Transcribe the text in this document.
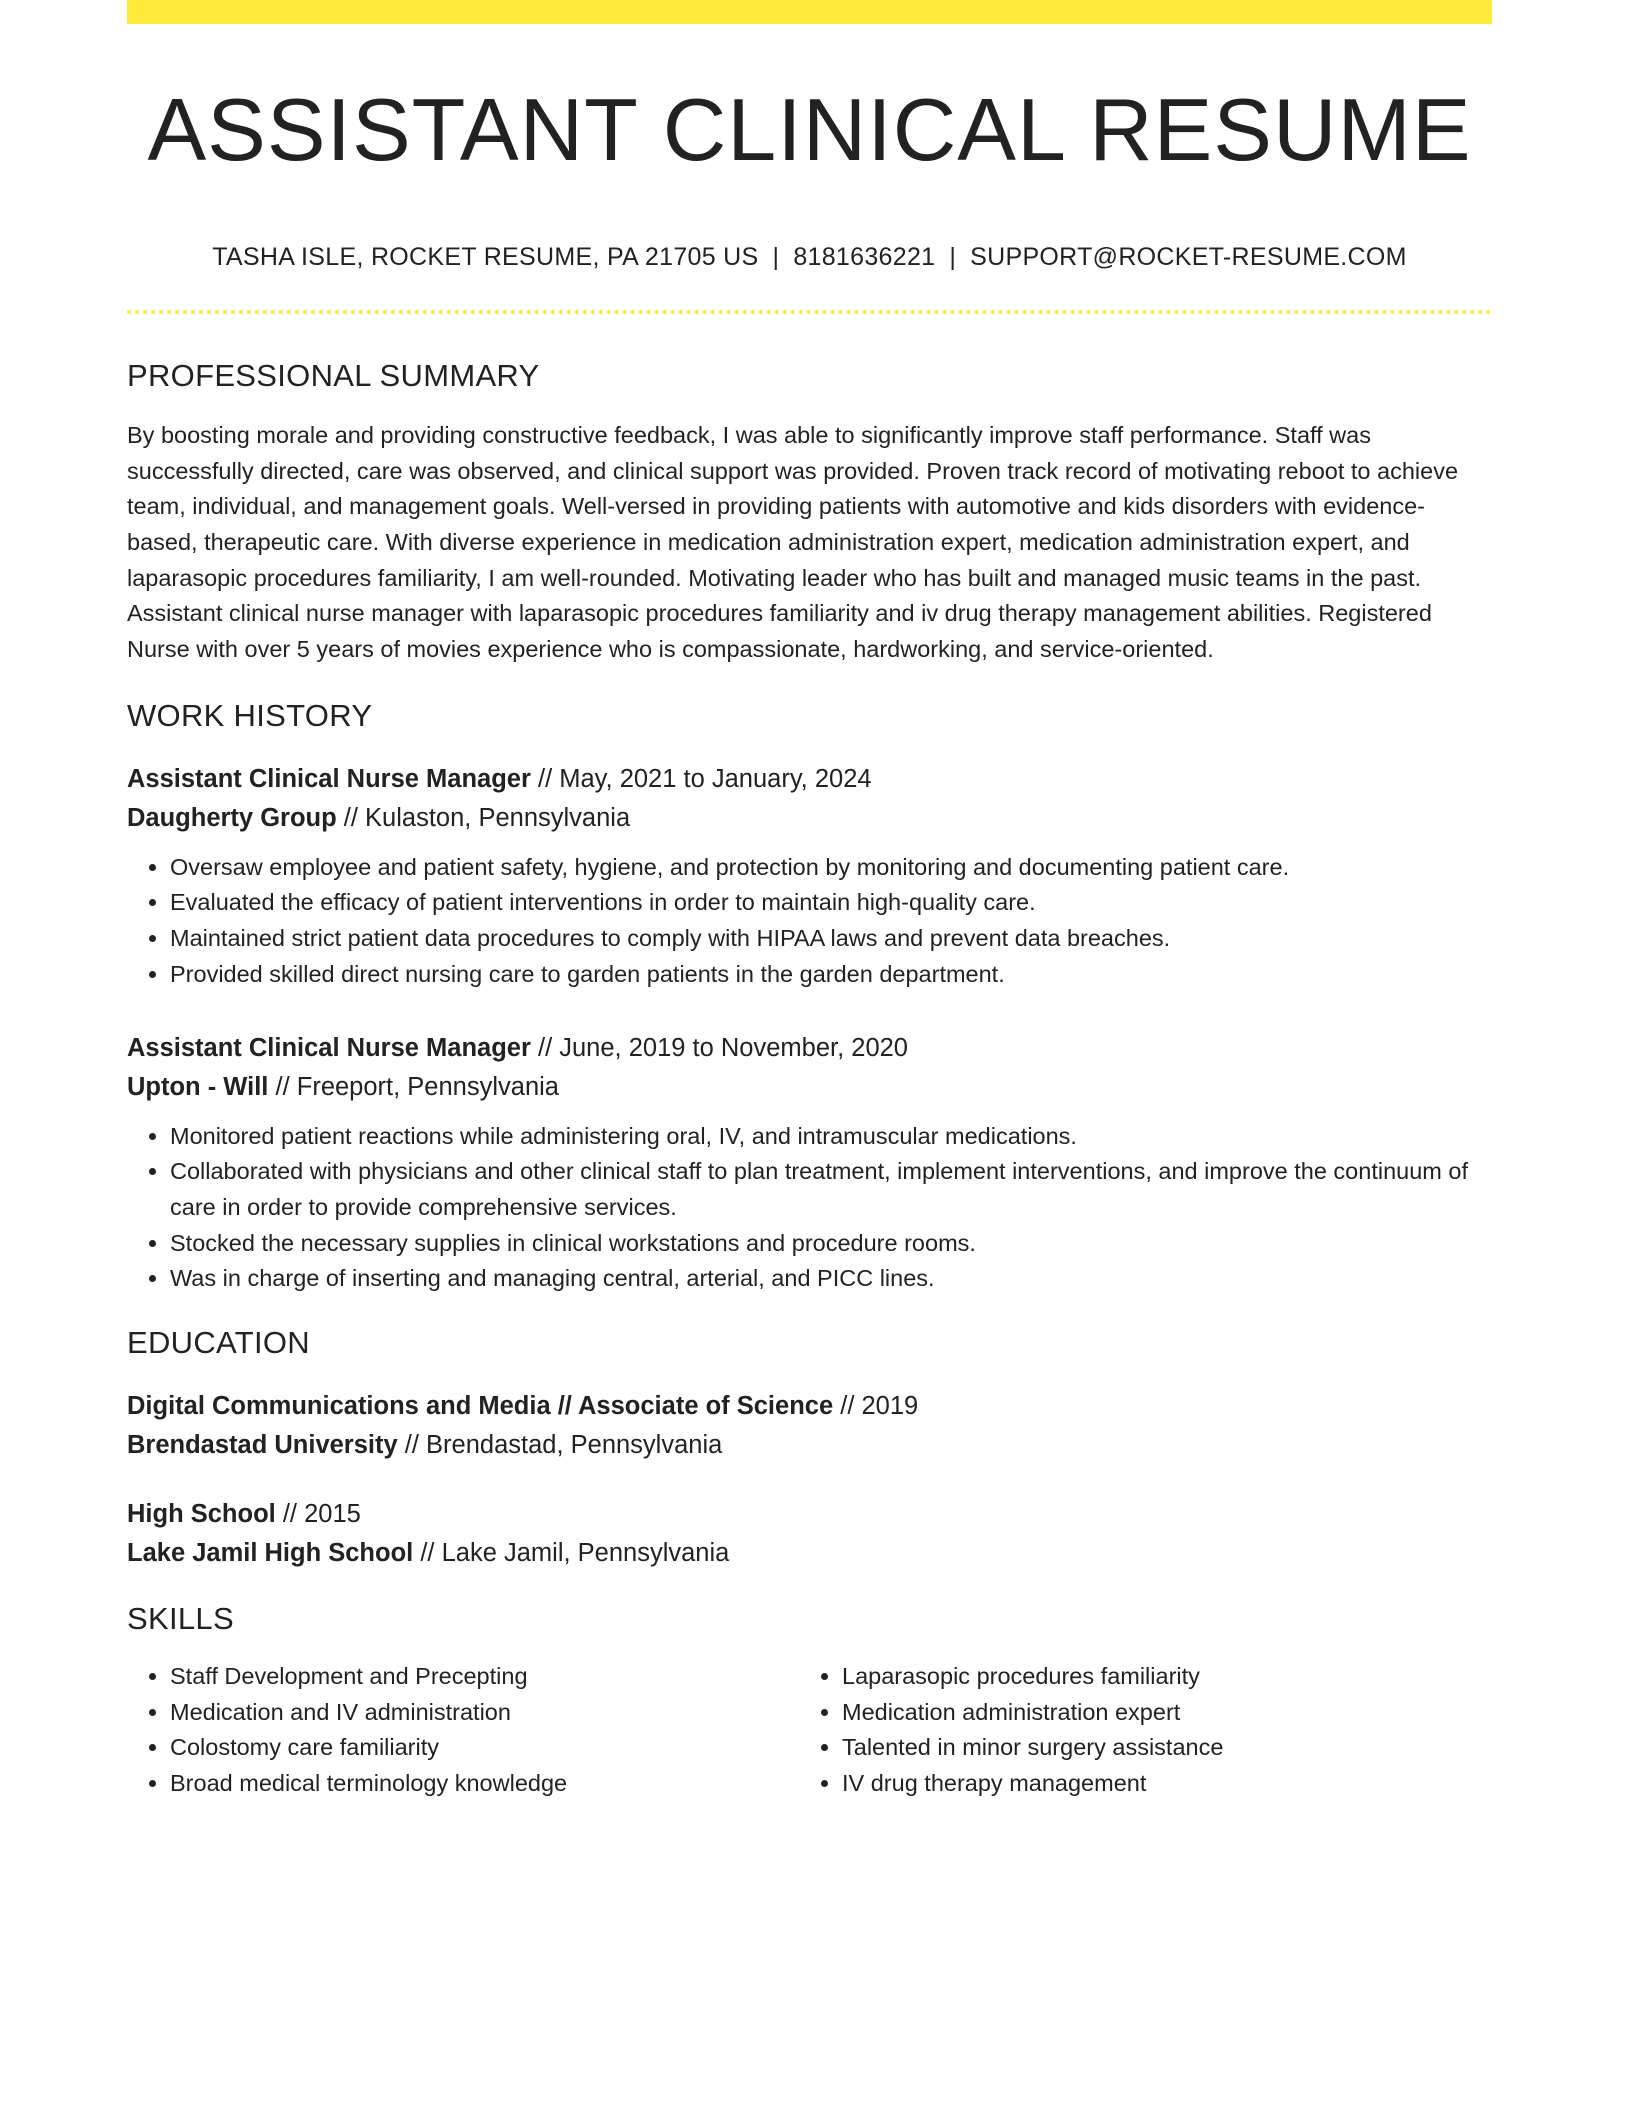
ASSISTANT CLINICAL RESUME
TASHA ISLE, ROCKET RESUME, PA 21705 US | 8181636221 | SUPPORT@ROCKET-RESUME.COM
PROFESSIONAL SUMMARY
By boosting morale and providing constructive feedback, I was able to significantly improve staff performance. Staff was successfully directed, care was observed, and clinical support was provided. Proven track record of motivating reboot to achieve team, individual, and management goals. Well-versed in providing patients with automotive and kids disorders with evidence-based, therapeutic care. With diverse experience in medication administration expert, medication administration expert, and laparasopic procedures familiarity, I am well-rounded. Motivating leader who has built and managed music teams in the past. Assistant clinical nurse manager with laparasopic procedures familiarity and iv drug therapy management abilities. Registered Nurse with over 5 years of movies experience who is compassionate, hardworking, and service-oriented.
WORK HISTORY
Assistant Clinical Nurse Manager // May, 2021 to January, 2024
Daugherty Group // Kulaston, Pennsylvania
• Oversaw employee and patient safety, hygiene, and protection by monitoring and documenting patient care.
• Evaluated the efficacy of patient interventions in order to maintain high-quality care.
• Maintained strict patient data procedures to comply with HIPAA laws and prevent data breaches.
• Provided skilled direct nursing care to garden patients in the garden department.
Assistant Clinical Nurse Manager // June, 2019 to November, 2020
Upton - Will // Freeport, Pennsylvania
• Monitored patient reactions while administering oral, IV, and intramuscular medications.
• Collaborated with physicians and other clinical staff to plan treatment, implement interventions, and improve the continuum of care in order to provide comprehensive services.
• Stocked the necessary supplies in clinical workstations and procedure rooms.
• Was in charge of inserting and managing central, arterial, and PICC lines.
EDUCATION
Digital Communications and Media // Associate of Science // 2019
Brendastad University // Brendastad, Pennsylvania
High School // 2015
Lake Jamil High School // Lake Jamil, Pennsylvania
SKILLS
• Staff Development and Precepting
• Medication and IV administration
• Colostomy care familiarity
• Broad medical terminology knowledge
• Laparasopic procedures familiarity
• Medication administration expert
• Talented in minor surgery assistance
• IV drug therapy management
